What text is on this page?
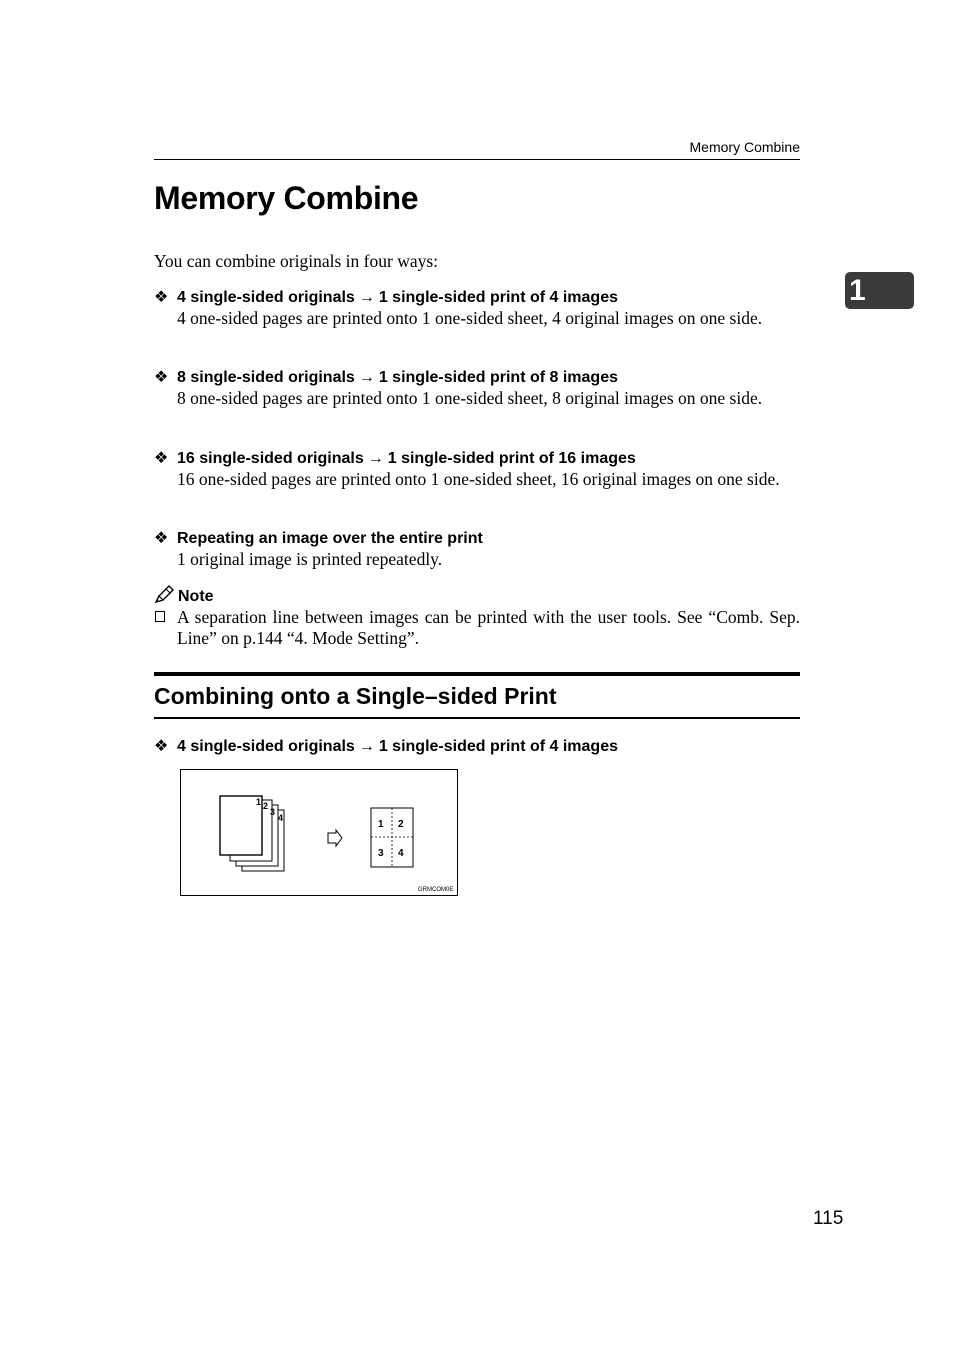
Memory Combine
1
Memory Combine
You can combine originals in four ways:
❖ 4 single-sided originals → 1 single-sided print of 4 images
4 one-sided pages are printed onto 1 one-sided sheet, 4 original images on one side.
❖ 8 single-sided originals → 1 single-sided print of 8 images
8 one-sided pages are printed onto 1 one-sided sheet, 8 original images on one side.
❖ 16 single-sided originals → 1 single-sided print of 16 images
16 one-sided pages are printed onto 1 one-sided sheet, 16 original images on one side.
❖ Repeating an image over the entire print
1 original image is printed repeatedly.
Note
A separation line between images can be printed with the user tools. See “Comb. Sep. Line” on p.144 “4. Mode Setting”.
Combining onto a Single–sided Print
❖ 4 single-sided originals → 1 single-sided print of 4 images
1 2
3
4
1 2
3 4
GRMCOM0E
115
